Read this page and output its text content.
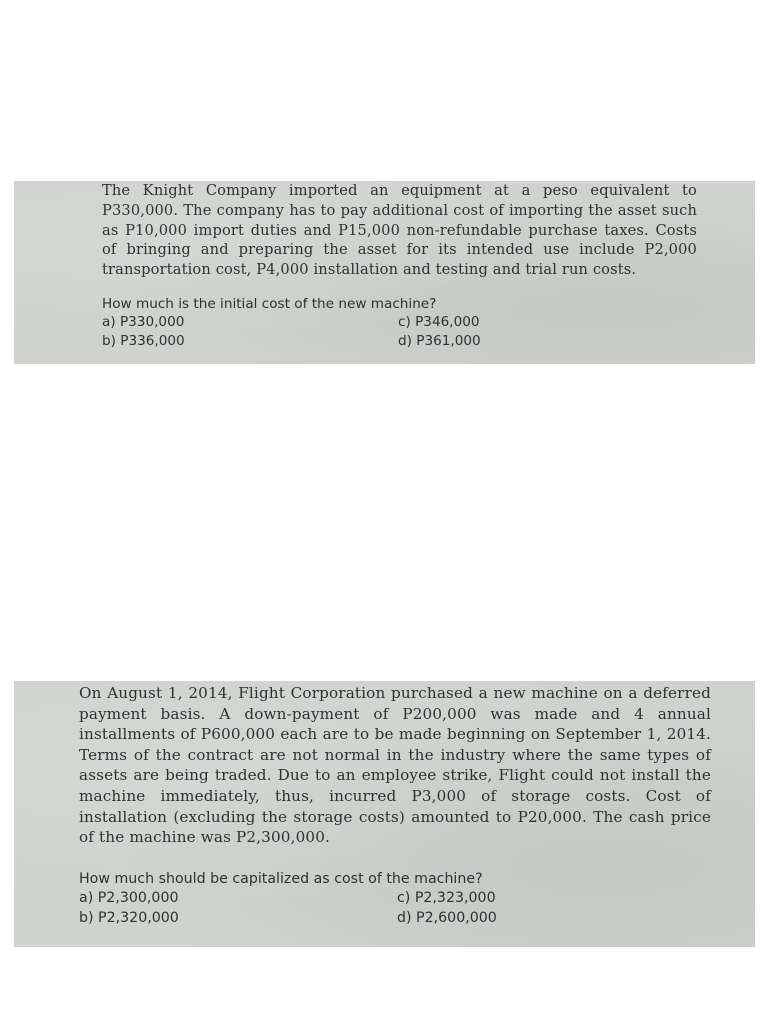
The Knight Company imported an equipment at a peso equivalent to P330,000. The company has to pay additional cost of importing the asset such as P10,000 import duties and P15,000 non-refundable purchase taxes. Costs of bringing and preparing the asset for its intended use include P2,000 transportation cost, P4,000 installation and testing and trial run costs.

How much is the initial cost of the new machine?

a) P330,000	c) P346,000
b) P336,000	d) P361,000

On August 1, 2014, Flight Corporation purchased a new machine on a deferred payment basis. A down-payment of P200,000 was made and 4 annual installments of P600,000 each are to be made beginning on September 1, 2014. Terms of the contract are not normal in the industry where the same types of assets are being traded. Due to an employee strike, Flight could not install the machine immediately, thus, incurred P3,000 of storage costs. Cost of installation (excluding the storage costs) amounted to P20,000. The cash price of the machine was P2,300,000.

How much should be capitalized as cost of the machine?

a) P2,300,000	c) P2,323,000
b) P2,320,000	d) P2,600,000
